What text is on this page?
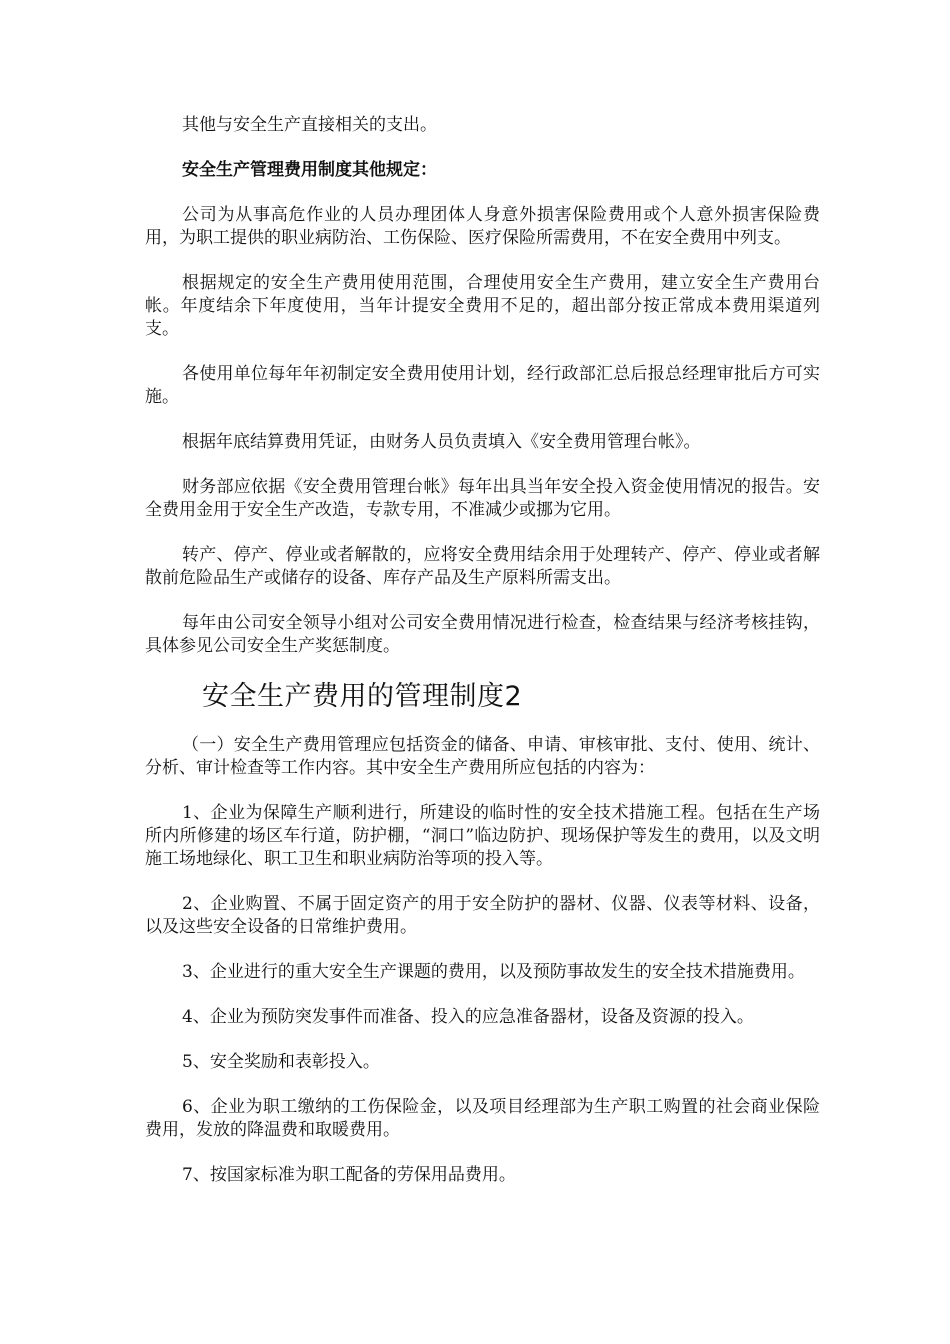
其他与安全生产直接相关的支出。

安全生产管理费用制度其他规定：

公司为从事高危作业的人员办理团体人身意外损害保险费用或个人意外损害保险费用，为职工提供的职业病防治、工伤保险、医疗保险所需费用，不在安全费用中列支。

根据规定的安全生产费用使用范围，合理使用安全生产费用，建立安全生产费用台帐。年度结余下年度使用，当年计提安全费用不足的，超出部分按正常成本费用渠道列支。

各使用单位每年年初制定安全费用使用计划，经行政部汇总后报总经理审批后方可实施。

根据年底结算费用凭证，由财务人员负责填入《安全费用管理台帐》。

财务部应依据《安全费用管理台帐》每年出具当年安全投入资金使用情况的报告。安全费用金用于安全生产改造，专款专用，不准减少或挪为它用。

转产、停产、停业或者解散的，应将安全费用结余用于处理转产、停产、停业或者解散前危险品生产或储存的设备、库存产品及生产原料所需支出。

每年由公司安全领导小组对公司安全费用情况进行检查，检查结果与经济考核挂钩，具体参见公司安全生产奖惩制度。

安全生产费用的管理制度2

（一）安全生产费用管理应包括资金的储备、申请、审核审批、支付、使用、统计、分析、审计检查等工作内容。其中安全生产费用所应包括的内容为：

1、企业为保障生产顺利进行，所建设的临时性的安全技术措施工程。包括在生产场所内所修建的场区车行道，防护棚，“洞口”临边防护、现场保护等发生的费用，以及文明施工场地绿化、职工卫生和职业病防治等项的投入等。

2、企业购置、不属于固定资产的用于安全防护的器材、仪器、仪表等材料、设备，以及这些安全设备的日常维护费用。

3、企业进行的重大安全生产课题的费用，以及预防事故发生的安全技术措施费用。

4、企业为预防突发事件而准备、投入的应急准备器材，设备及资源的投入。

5、安全奖励和表彰投入。

6、企业为职工缴纳的工伤保险金，以及项目经理部为生产职工购置的社会商业保险费用，发放的降温费和取暖费用。

7、按国家标准为职工配备的劳保用品费用。
